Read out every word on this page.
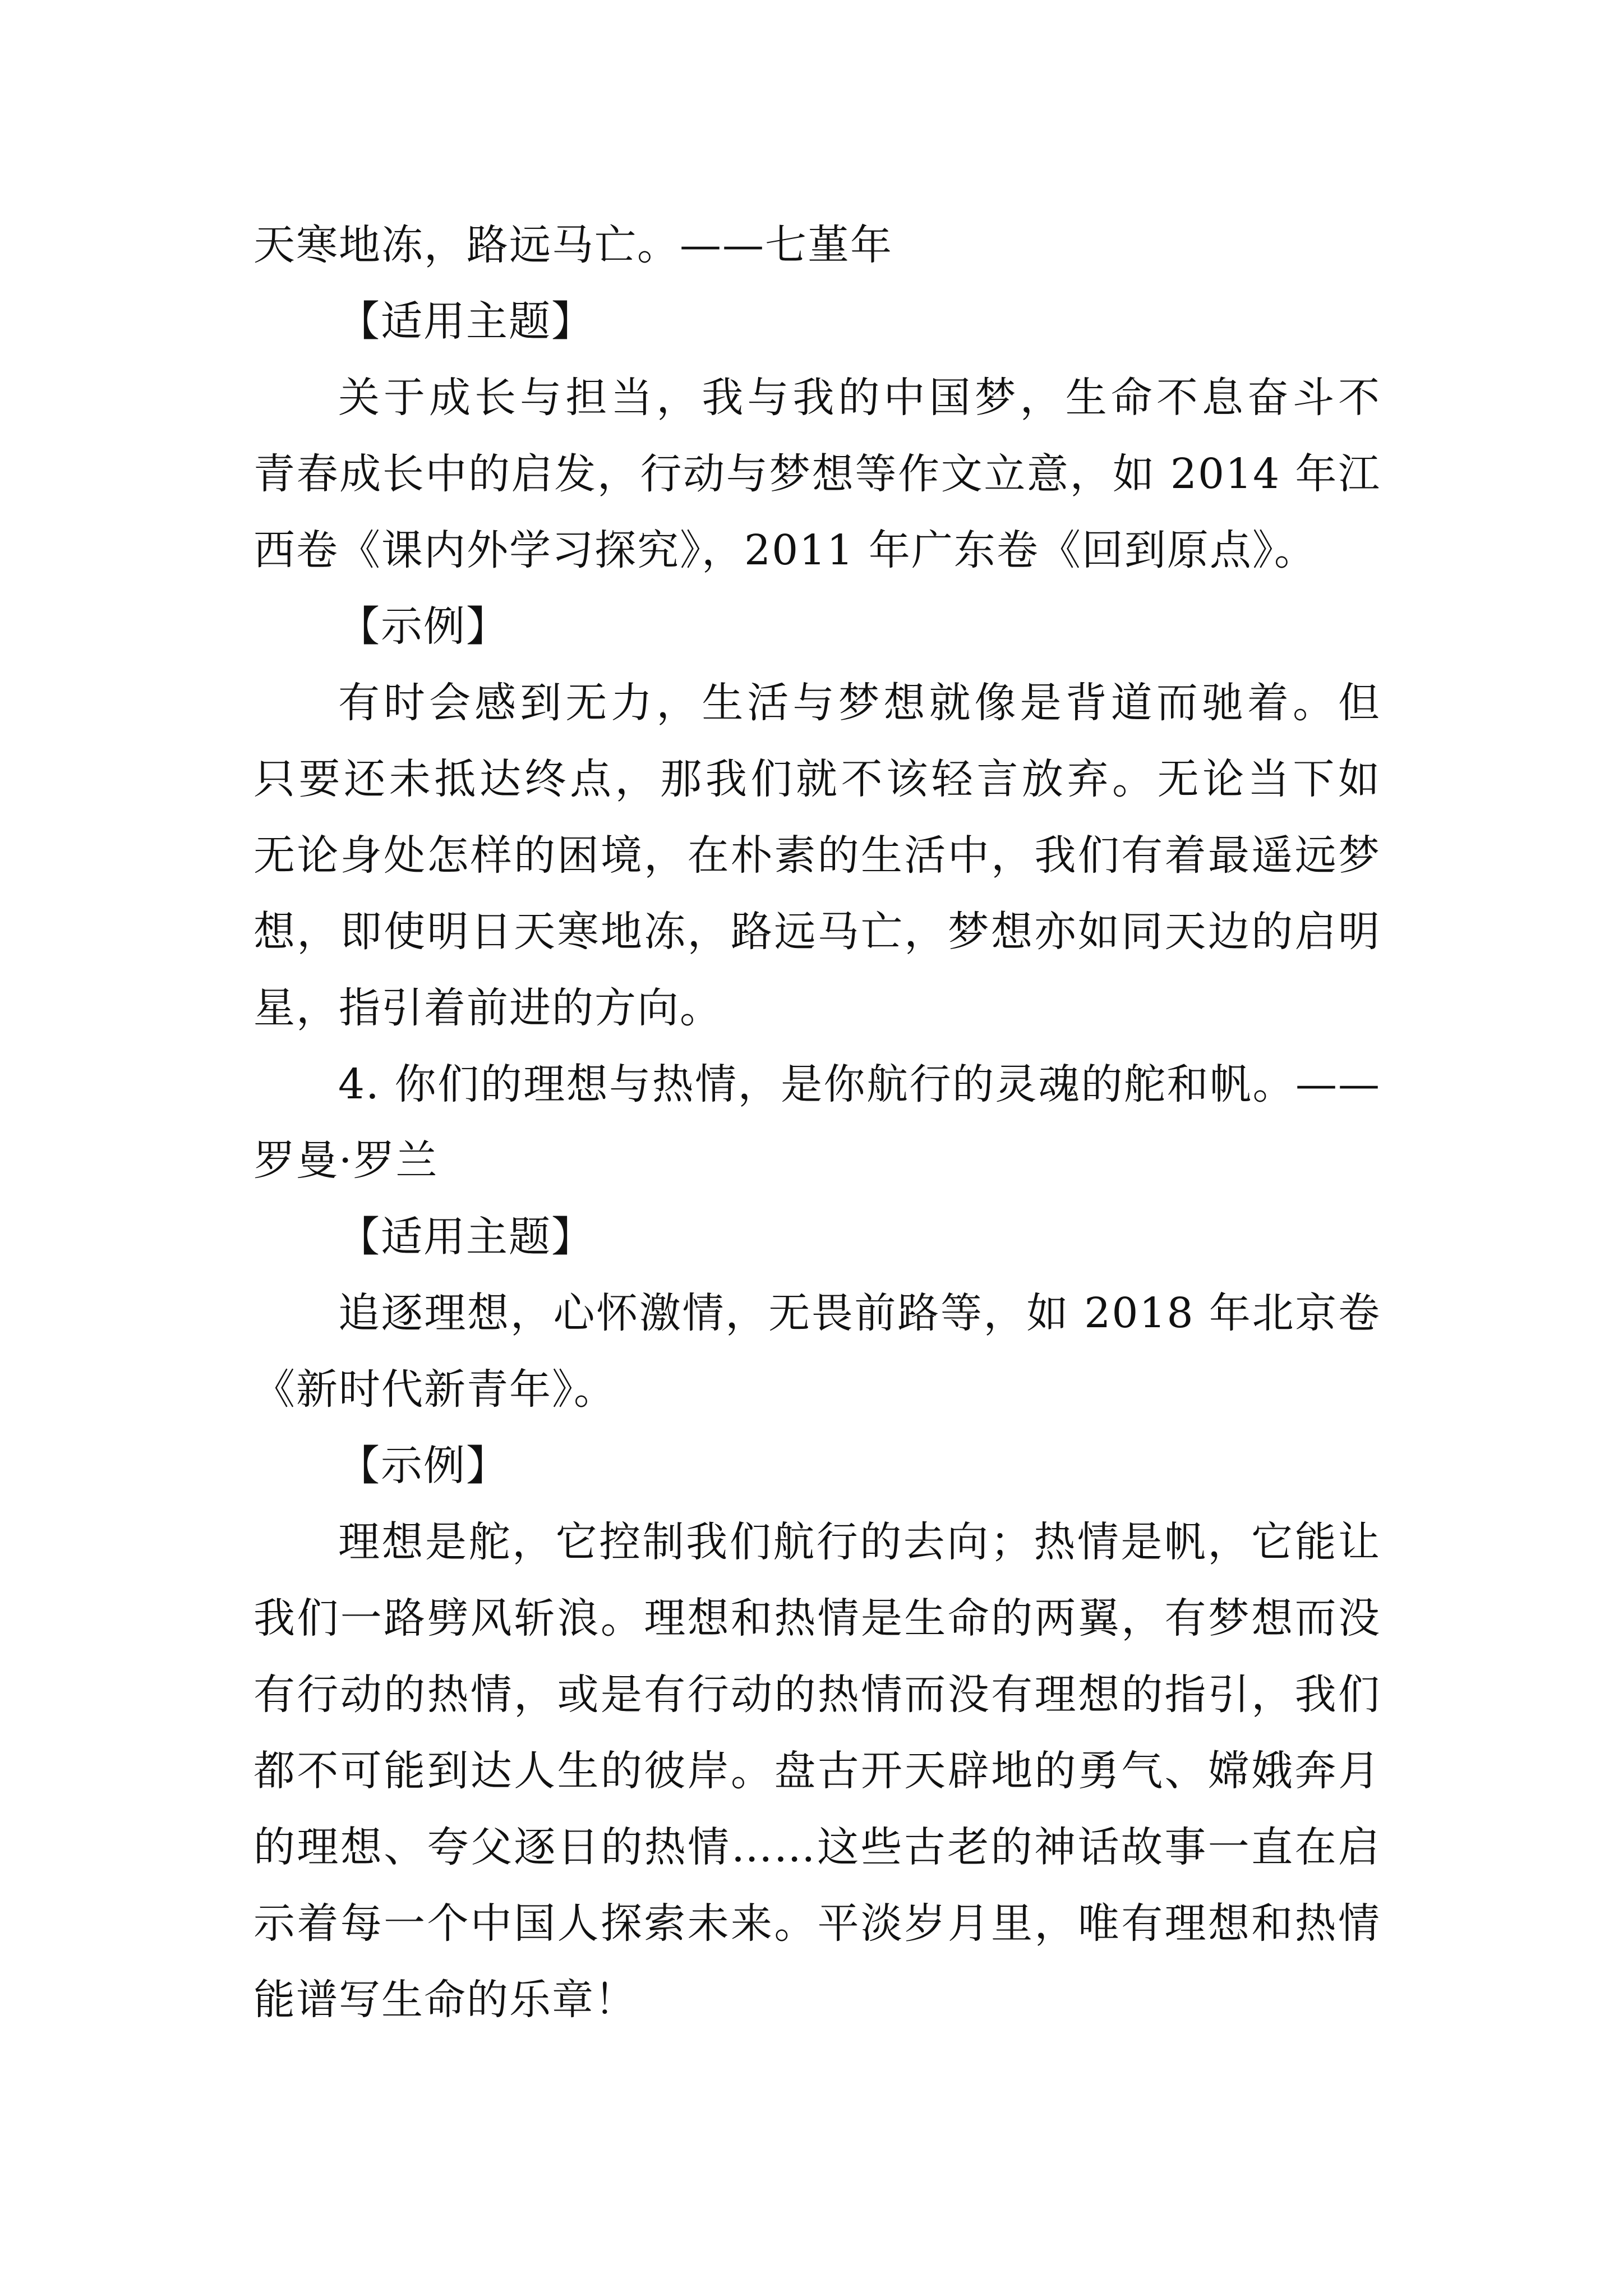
天寒地冻，路远马亡。——七堇年
【适用主题】
关于成长与担当，我与我的中国梦，生命不息奋斗不
青春成长中的启发，行动与梦想等作文立意，如 2014 年江
西卷《课内外学习探究》，2011 年广东卷《回到原点》。
【示例】
有时会感到无力，生活与梦想就像是背道而驰着。但
只要还未抵达终点，那我们就不该轻言放弃。无论当下如
无论身处怎样的困境，在朴素的生活中，我们有着最遥远梦
想，即使明日天寒地冻，路远马亡，梦想亦如同天边的启明
星，指引着前进的方向。
4. 你们的理想与热情，是你航行的灵魂的舵和帆。——
罗曼·罗兰
【适用主题】
追逐理想，心怀激情，无畏前路等，如 2018 年北京卷
《新时代新青年》。
【示例】
理想是舵，它控制我们航行的去向；热情是帆，它能让
我们一路劈风斩浪。理想和热情是生命的两翼，有梦想而没
有行动的热情，或是有行动的热情而没有理想的指引，我们
都不可能到达人生的彼岸。盘古开天辟地的勇气、嫦娥奔月
的理想、夸父逐日的热情……这些古老的神话故事一直在启
示着每一个中国人探索未来。平淡岁月里，唯有理想和热情
能谱写生命的乐章！
